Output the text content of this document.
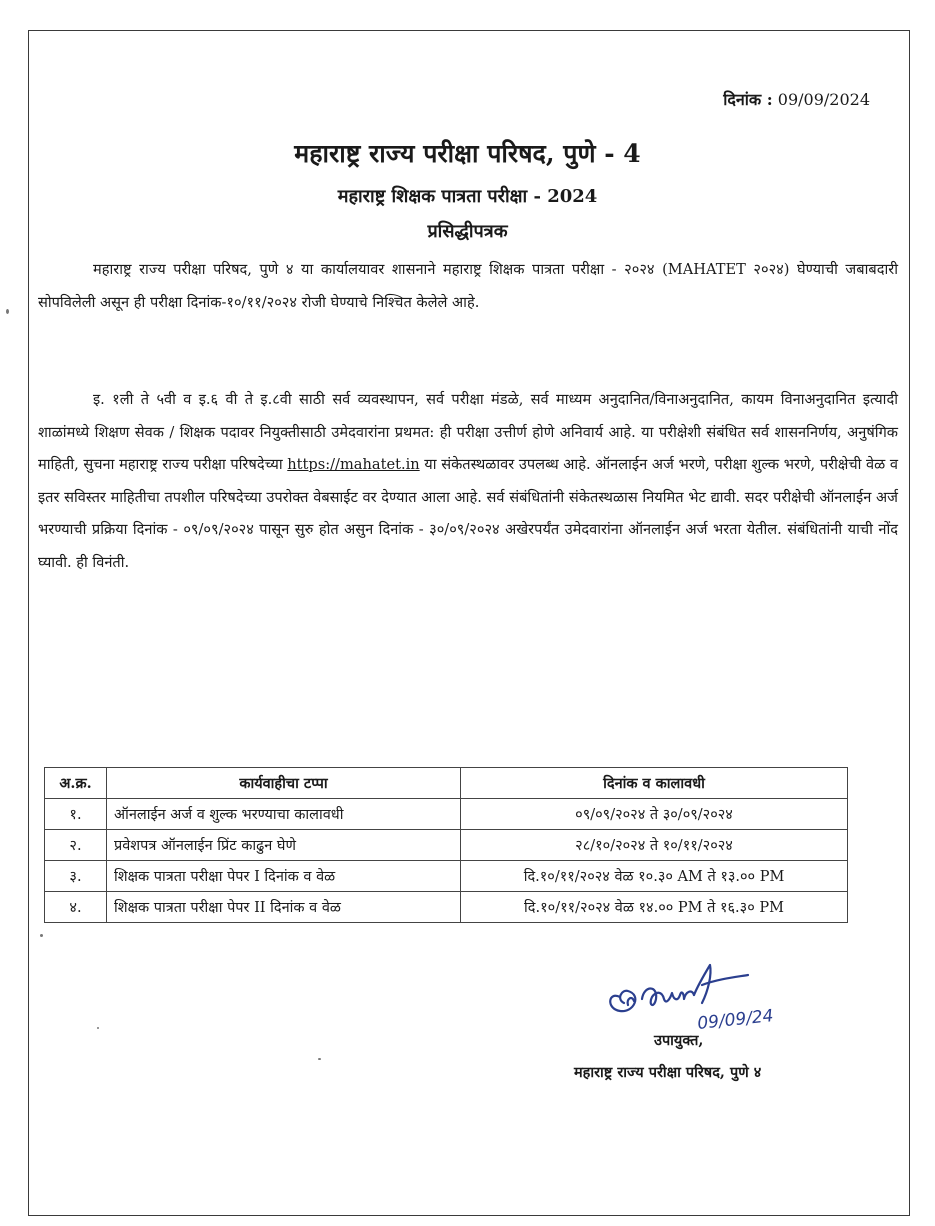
दिनांक : 09/09/2024
महाराष्ट्र राज्य परीक्षा परिषद, पुणे - 4
महाराष्ट्र शिक्षक पात्रता परीक्षा - 2024
प्रसिद्धीपत्रक

महाराष्ट्र राज्य परीक्षा परिषद, पुणे ४ या कार्यालयावर शासनाने महाराष्ट्र शिक्षक पात्रता परीक्षा - २०२४ (MAHATET २०२४) घेण्याची जबाबदारी सोपविलेली असून ही परीक्षा दिनांक-१०/११/२०२४ रोजी घेण्याचे निश्चित केलेले आहे.

इ. १ली ते ५वी व इ.६ वी ते इ.८वी साठी सर्व व्यवस्थापन, सर्व परीक्षा मंडळे, सर्व माध्यम अनुदानित/विनाअनुदानित, कायम विनाअनुदानित इत्यादी शाळांमध्ये शिक्षण सेवक / शिक्षक पदावर नियुक्तीसाठी उमेदवारांना प्रथमत: ही परीक्षा उत्तीर्ण होणे अनिवार्य आहे. या परीक्षेशी संबंधित सर्व शासननिर्णय, अनुषंगिक माहिती, सुचना महाराष्ट्र राज्य परीक्षा परिषदेच्या https://mahatet.in या संकेतस्थळावर उपलब्ध आहे. ऑनलाईन अर्ज भरणे, परीक्षा शुल्क भरणे, परीक्षेची वेळ व इतर सविस्तर माहितीचा तपशील परिषदेच्या उपरोक्त वेबसाईट वर देण्यात आला आहे. सर्व संबंधितांनी संकेतस्थळास नियमित भेट द्यावी. सदर परीक्षेची ऑनलाईन अर्ज भरण्याची प्रक्रिया दिनांक - ०९/०९/२०२४ पासून सुरु होत असुन दिनांक - ३०/०९/२०२४ अखेरपर्यंत उमेदवारांना ऑनलाईन अर्ज भरता येतील. संबंधितांनी याची नोंद घ्यावी. ही विनंती.

अ.क्र.	कार्यवाहीचा टप्पा	दिनांक व कालावधी
१.	ऑनलाईन अर्ज व शुल्क भरण्याचा कालावधी	०९/०९/२०२४ ते ३०/०९/२०२४
२.	प्रवेशपत्र ऑनलाईन प्रिंट काढुन घेणे	२८/१०/२०२४ ते १०/११/२०२४
३.	शिक्षक पात्रता परीक्षा पेपर I दिनांक व वेळ	दि.१०/११/२०२४ वेळ १०.३० AM ते १३.०० PM
४.	शिक्षक पात्रता परीक्षा पेपर II दिनांक व वेळ	दि.१०/११/२०२४ वेळ १४.०० PM ते १६.३० PM
09/09/24
उपायुक्त,
महाराष्ट्र राज्य परीक्षा परिषद, पुणे ४
